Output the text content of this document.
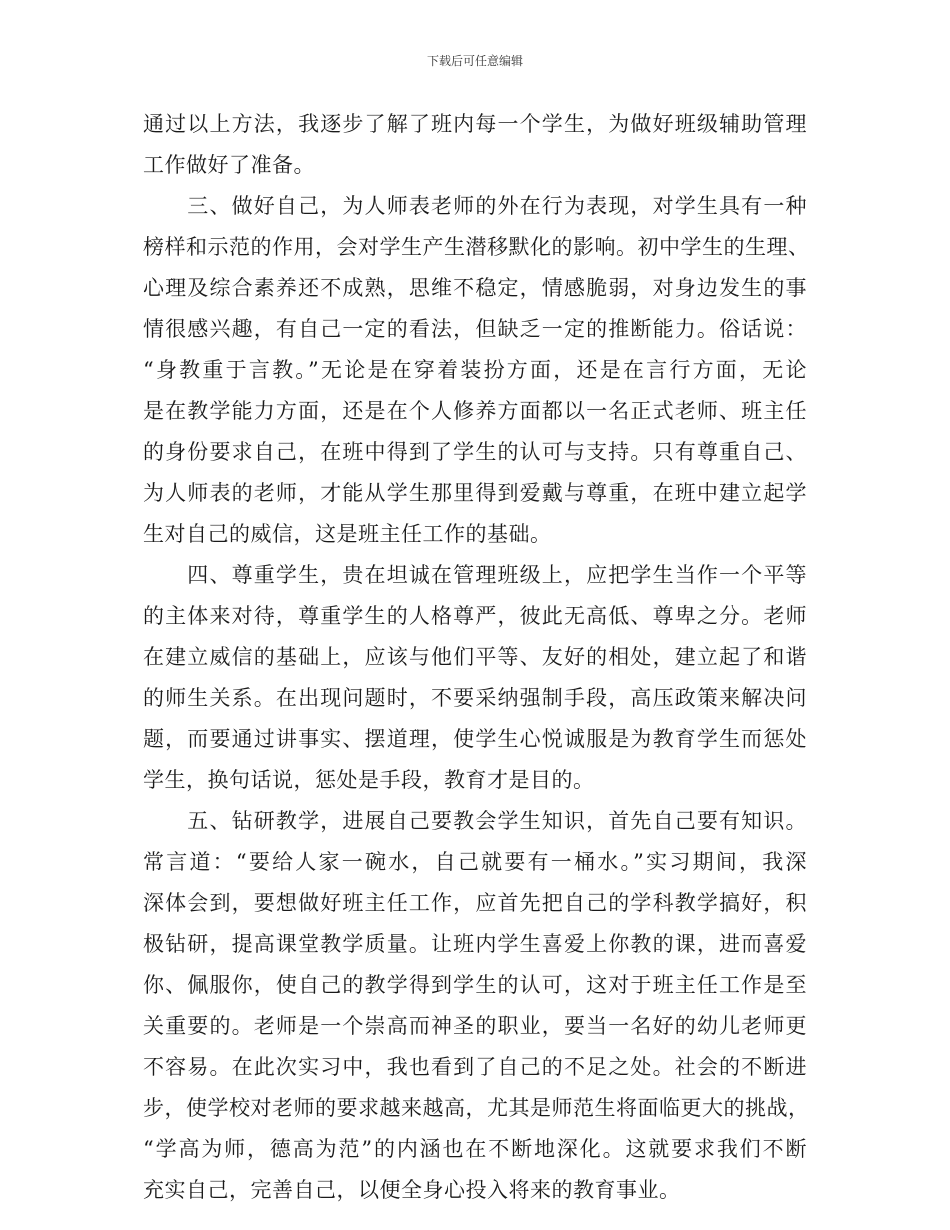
下载后可任意编辑
通过以上方法，我逐步了解了班内每一个学生，为做好班级辅助管理
工作做好了准备。
　　三、做好自己，为人师表老师的外在行为表现，对学生具有一种
榜样和示范的作用，会对学生产生潜移默化的影响。初中学生的生理、
心理及综合素养还不成熟，思维不稳定，情感脆弱，对身边发生的事
情很感兴趣，有自己一定的看法，但缺乏一定的推断能力。俗话说：
“身教重于言教。”无论是在穿着装扮方面，还是在言行方面，无论
是在教学能力方面，还是在个人修养方面都以一名正式老师、班主任
的身份要求自己，在班中得到了学生的认可与支持。只有尊重自己、
为人师表的老师，才能从学生那里得到爱戴与尊重，在班中建立起学
生对自己的威信，这是班主任工作的基础。
　　四、尊重学生，贵在坦诚在管理班级上，应把学生当作一个平等
的主体来对待，尊重学生的人格尊严，彼此无高低、尊卑之分。老师
在建立威信的基础上，应该与他们平等、友好的相处，建立起了和谐
的师生关系。在出现问题时，不要采纳强制手段，高压政策来解决问
题，而要通过讲事实、摆道理，使学生心悦诚服是为教育学生而惩处
学生，换句话说，惩处是手段，教育才是目的。
　　五、钻研教学，进展自己要教会学生知识，首先自己要有知识。
常言道：“要给人家一碗水，自己就要有一桶水。”实习期间，我深
深体会到，要想做好班主任工作，应首先把自己的学科教学搞好，积
极钻研，提高课堂教学质量。让班内学生喜爱上你教的课，进而喜爱
你、佩服你，使自己的教学得到学生的认可，这对于班主任工作是至
关重要的。老师是一个崇高而神圣的职业，要当一名好的幼儿老师更
不容易。在此次实习中，我也看到了自己的不足之处。社会的不断进
步，使学校对老师的要求越来越高，尤其是师范生将面临更大的挑战，
“学高为师，德高为范”的内涵也在不断地深化。这就要求我们不断
充实自己，完善自己，以便全身心投入将来的教育事业。
